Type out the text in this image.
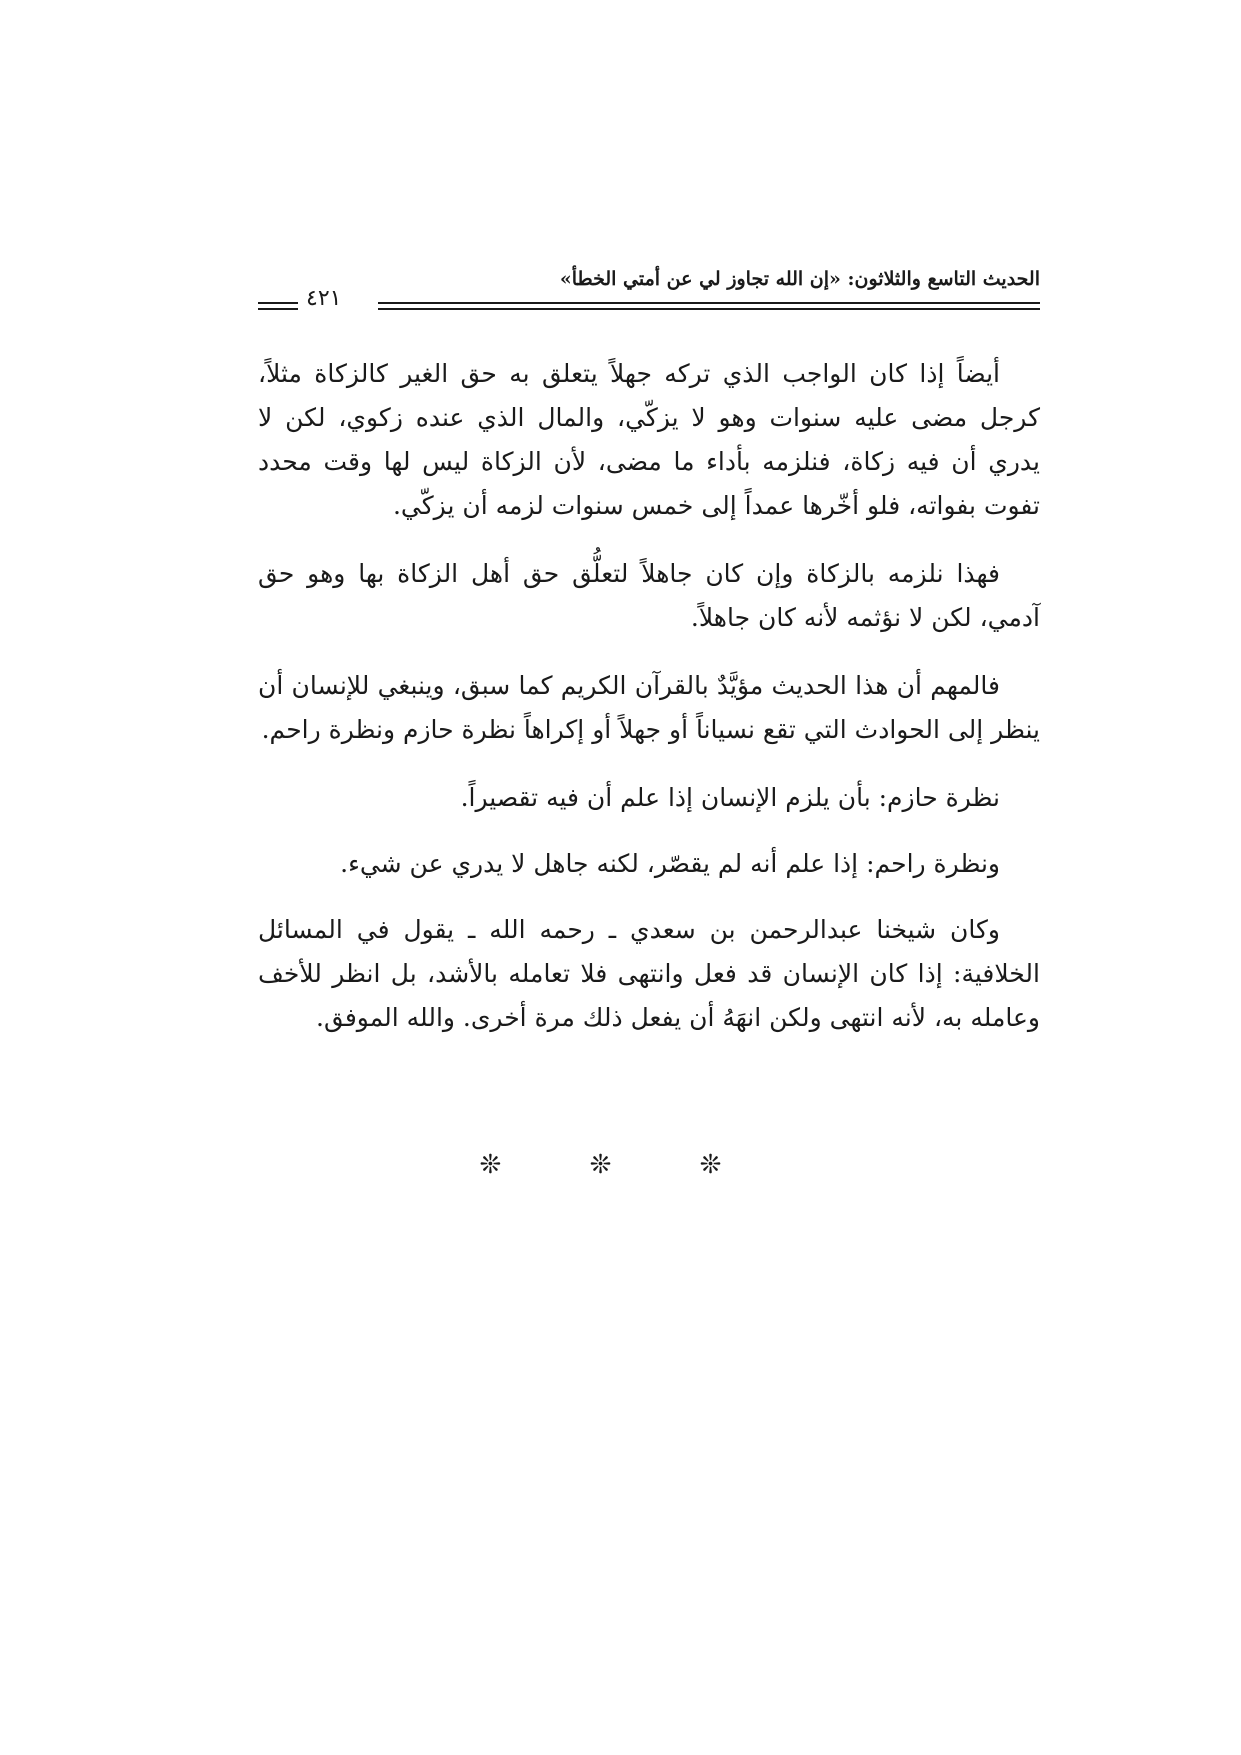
الحديث التاسع والثلاثون: «إن الله تجاوز لي عن أمتي الخطأ»
٤٢١

أيضاً إذا كان الواجب الذي تركه جهلاً يتعلق به حق الغير كالزكاة مثلاً، كرجل مضى عليه سنوات وهو لا يزكّي، والمال الذي عنده زكوي، لكن لا يدري أن فيه زكاة، فنلزمه بأداء ما مضى، لأن الزكاة ليس لها وقت محدد تفوت بفواته، فلو أخّرها عمداً إلى خمس سنوات لزمه أن يزكّي.

فهذا نلزمه بالزكاة وإن كان جاهلاً لتعلُّق حق أهل الزكاة بها وهو حق آدمي، لكن لا نؤثمه لأنه كان جاهلاً.

فالمهم أن هذا الحديث مؤيَّدٌ بالقرآن الكريم كما سبق، وينبغي للإنسان أن ينظر إلى الحوادث التي تقع نسياناً أو جهلاً أو إكراهاً نظرة حازم ونظرة راحم.

نظرة حازم: بأن يلزم الإنسان إذا علم أن فيه تقصيراً.

ونظرة راحم: إذا علم أنه لم يقصّر، لكنه جاهل لا يدري عن شيء.

وكان شيخنا عبدالرحمن بن سعدي ـ رحمه الله ـ يقول في المسائل الخلافية: إذا كان الإنسان قد فعل وانتهى فلا تعامله بالأشد، بل انظر للأخف وعامله به، لأنه انتهى ولكن انهَهُ أن يفعل ذلك مرة أخرى. والله الموفق.

❊ ❊ ❊
